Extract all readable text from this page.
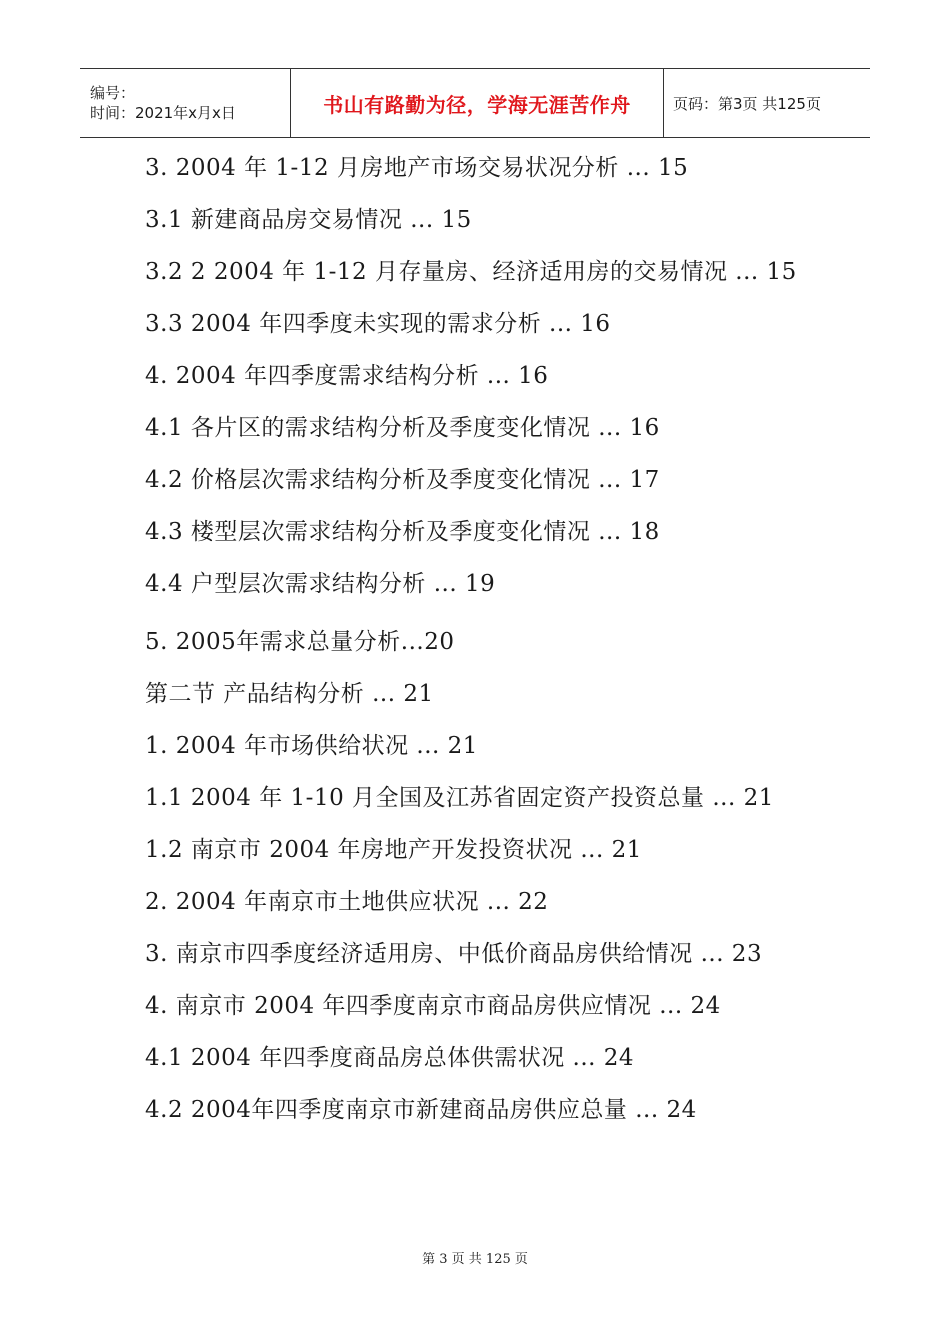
编号：
时间：2021年x月x日	书山有路勤为径，学海无涯苦作舟	页码：第3页 共125页
3. 2004 年 1-12 月房地产市场交易状况分析 ... 15
3.1 新建商品房交易情况 ... 15
3.2 2 2004 年 1-12 月存量房、经济适用房的交易情况 ... 15
3.3 2004 年四季度未实现的需求分析 ... 16
4. 2004 年四季度需求结构分析 ... 16
4.1 各片区的需求结构分析及季度变化情况 ... 16
4.2 价格层次需求结构分析及季度变化情况 ... 17
4.3 楼型层次需求结构分析及季度变化情况 ... 18
4.4 户型层次需求结构分析 ... 19
5. 2005年需求总量分析...20
第二节 产品结构分析 ... 21
1. 2004 年市场供给状况 ... 21
1.1 2004 年 1-10 月全国及江苏省固定资产投资总量 ... 21
1.2 南京市 2004 年房地产开发投资状况 ... 21
2. 2004 年南京市土地供应状况 ... 22
3. 南京市四季度经济适用房、中低价商品房供给情况 ... 23
4. 南京市 2004 年四季度南京市商品房供应情况 ... 24
4.1 2004 年四季度商品房总体供需状况 ... 24
4.2 2004年四季度南京市新建商品房供应总量 ... 24
第 3 页 共 125 页
